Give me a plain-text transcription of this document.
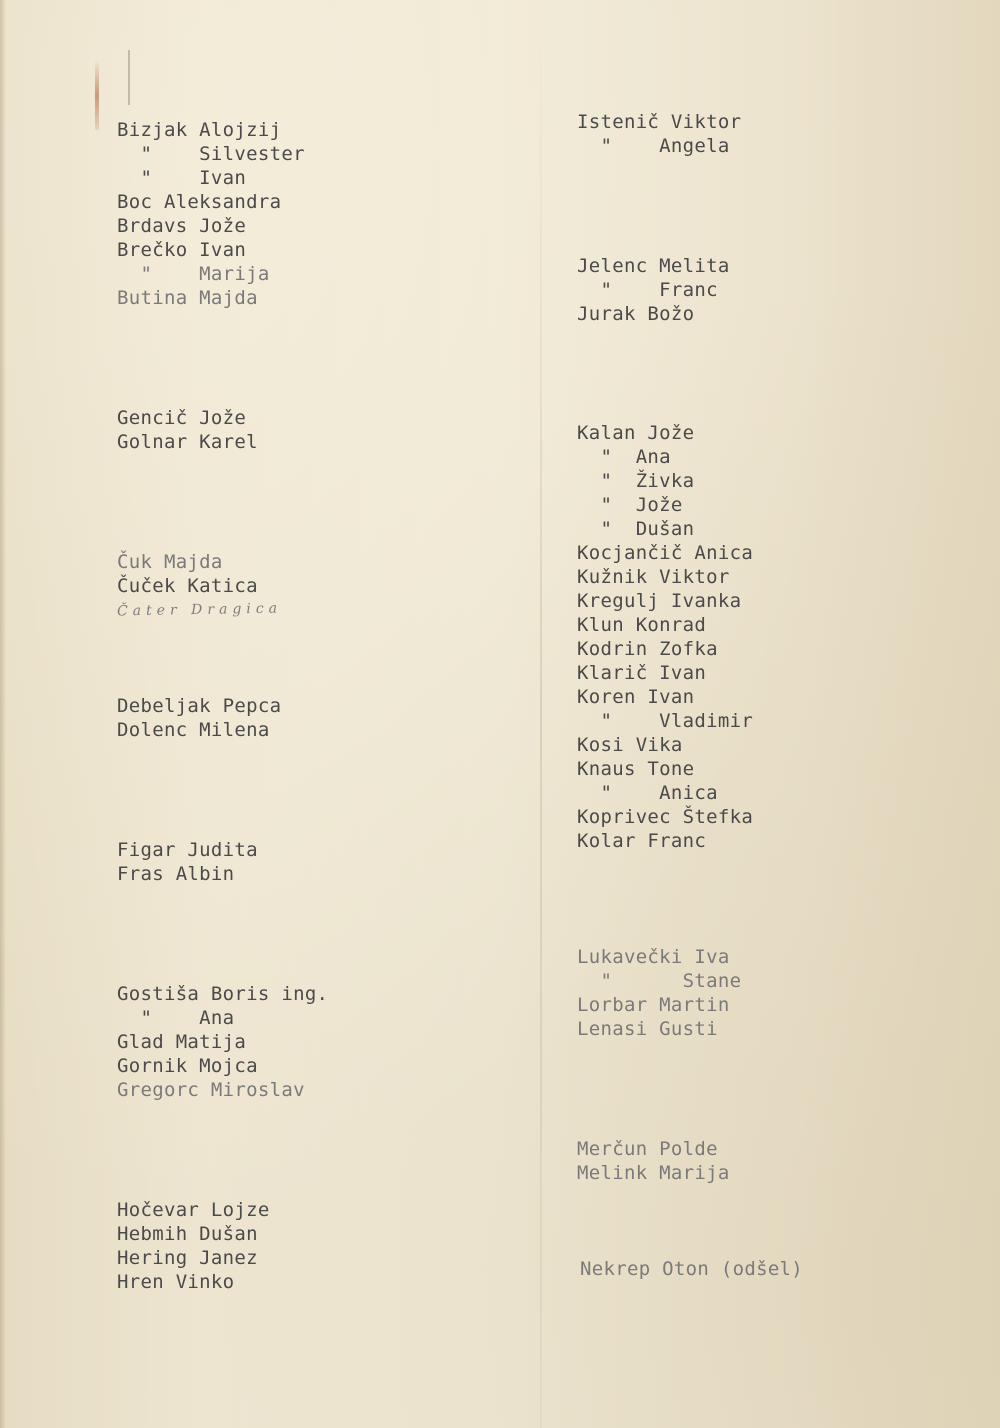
Bizjak Alojzij
"    Silvester
"    Ivan
Boc Aleksandra
Brdavs Jože
Brečko Ivan
"    Marija
Butina Majda
Gencič Jože
Golnar Karel
Čuk Majda
Čuček Katica
Čater Dragica
Debeljak Pepca
Dolenc Milena
Figar Judita
Fras Albin
Gostiša Boris ing.
"    Ana
Glad Matija
Gornik Mojca
Gregorc Miroslav
Hočevar Lojze
Hebmih Dušan
Hering Janez
Hren Vinko
Istenič Viktor
"    Angela
Jelenc Melita
"    Franc
Jurak Božo
Kalan Jože
"  Ana
"  Živka
"  Jože
"  Dušan
Kocjančič Anica
Kužnik Viktor
Kregulj Ivanka
Klun Konrad
Kodrin Zofka
Klarič Ivan
Koren Ivan
"    Vladimir
Kosi Vika
Knaus Tone
"    Anica
Koprivec Štefka
Kolar Franc
Lukavečki Iva
"      Stane
Lorbar Martin
Lenasi Gusti
Merčun Polde
Melink Marija
Nekrep Oton (odšel)
